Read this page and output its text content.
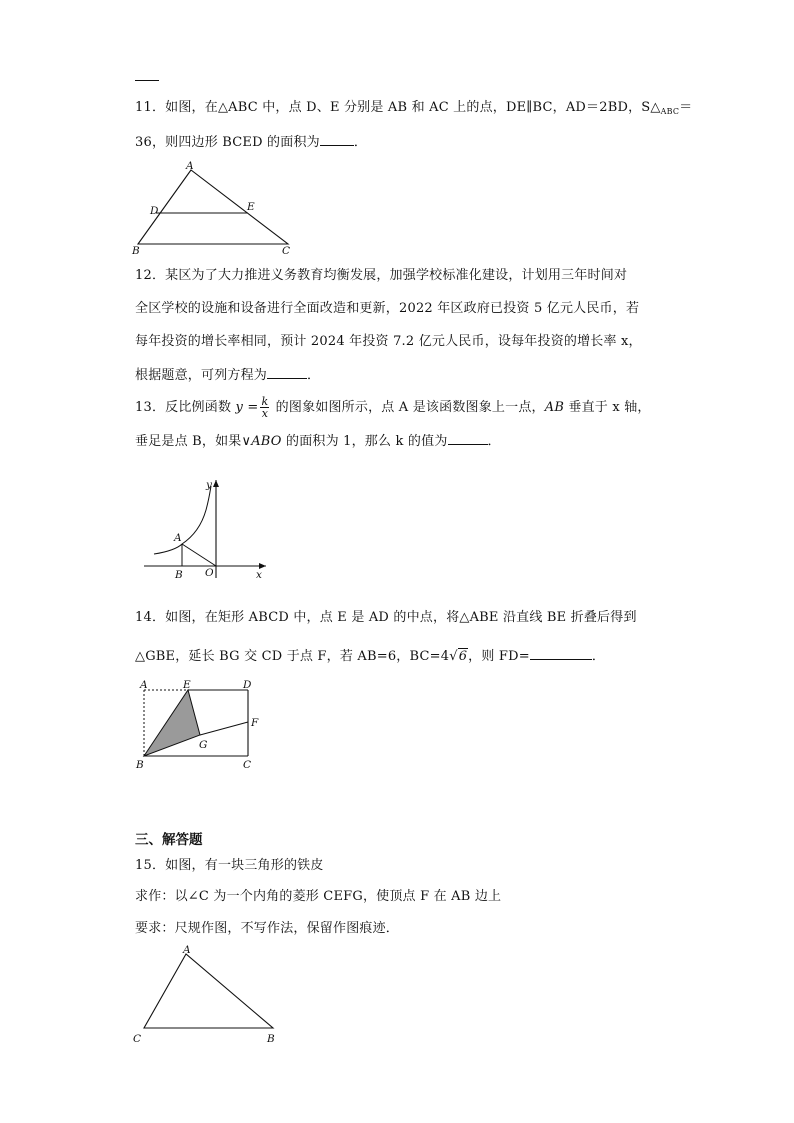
11．如图，在△ABC 中，点 D、E 分别是 AB 和 AC 上的点，DE∥BC，AD＝2BD，$S\triangle_{ABC}=$
36，则四边形 BCED 的面积为	．
A
D	E
B	C
12．某区为了大力推进义务教育均衡发展，加强学校标准化建设，计划用三年时间对
全区学校的设施和设备进行全面改造和更新，2022 年区政府已投资 5 亿元人民币，若
每年投资的增长率相同，预计 2024 年投资 7.2 亿元人民币，设每年投资的增长率 x，
根据题意，可列方程为	．
13．反比例函数 $y = \frac{k}{x}$ 的图象如图所示，点 A 是该函数图象上一点，AB 垂直于 x 轴，
垂足是点 B，如果∨ABO 的面积为 1，那么 k 的值为	．
y
x
A
B O
14．如图，在矩形 ABCD 中，点 E 是 AD 的中点，将△ABE 沿直线 BE 折叠后得到
△GBE，延长 BG 交 CD 于点 F，若 AB=6，BC=4√6，则 FD=	．
A	E	D
F
G
B	C
三、解答题
15．如图，有一块三角形的铁皮
求作：以∠C 为一个内角的菱形 CEFG，使顶点 F 在 AB 边上
要求：尺规作图，不写作法，保留作图痕迹．
A
C	B
